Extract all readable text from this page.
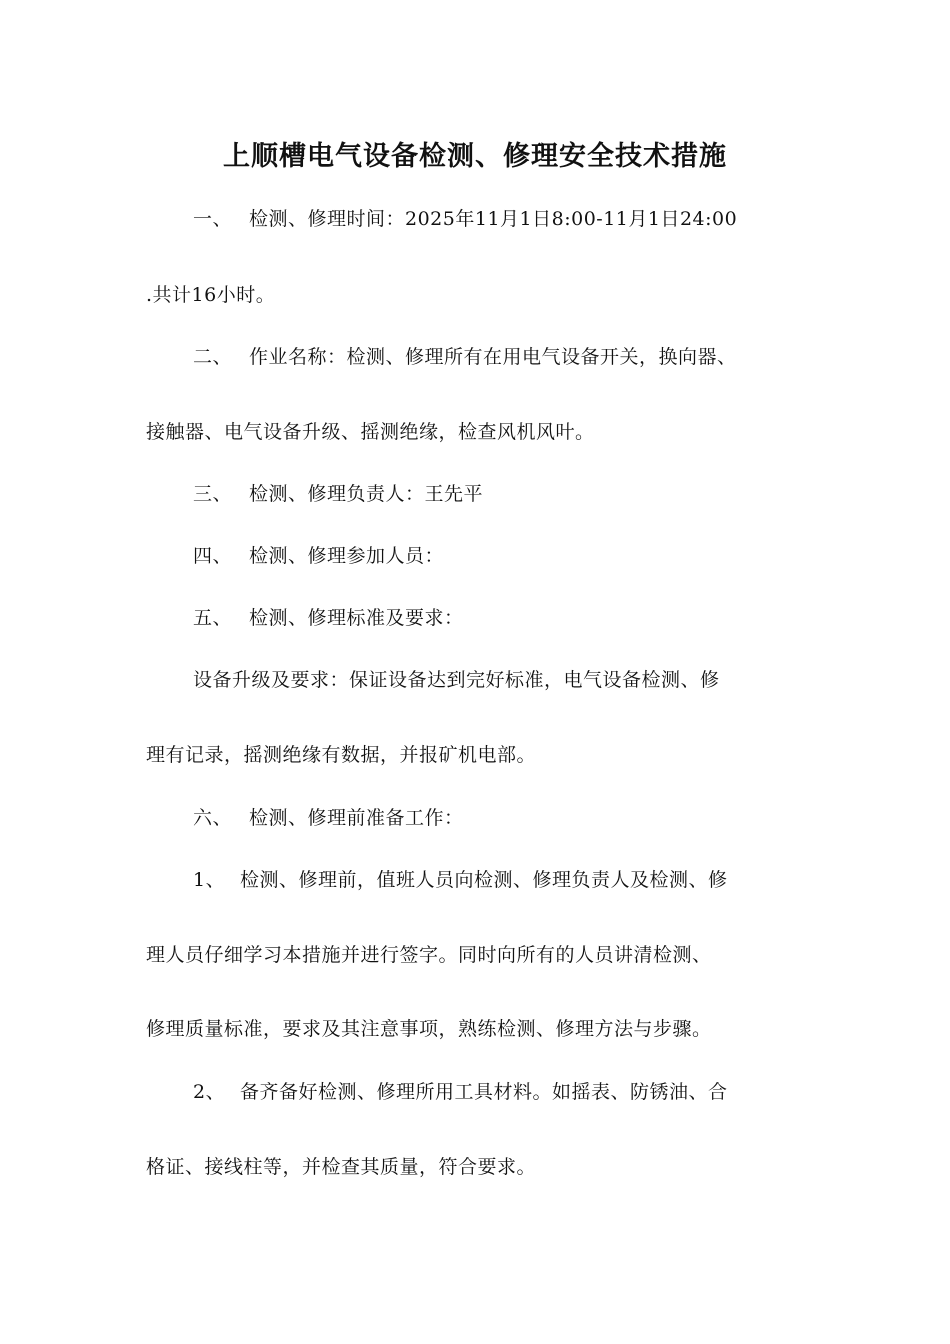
上顺槽电气设备检测、修理安全技术措施
一、 检测、修理时间：2025年11月1日8:00-11月1日24:00
.共计16小时。
二、 作业名称：检测、修理所有在用电气设备开关，换向器、
接触器、电气设备升级、摇测绝缘，检查风机风叶。
三、 检测、修理负责人：王先平
四、 检测、修理参加人员：
五、 检测、修理标准及要求：
设备升级及要求：保证设备达到完好标准，电气设备检测、修
理有记录，摇测绝缘有数据，并报矿机电部。
六、 检测、修理前准备工作：
1、 检测、修理前，值班人员向检测、修理负责人及检测、修
理人员仔细学习本措施并进行签字。同时向所有的人员讲清检测、
修理质量标准，要求及其注意事项，熟练检测、修理方法与步骤。
2、 备齐备好检测、修理所用工具材料。如摇表、防锈油、合
格证、接线柱等，并检查其质量，符合要求。
